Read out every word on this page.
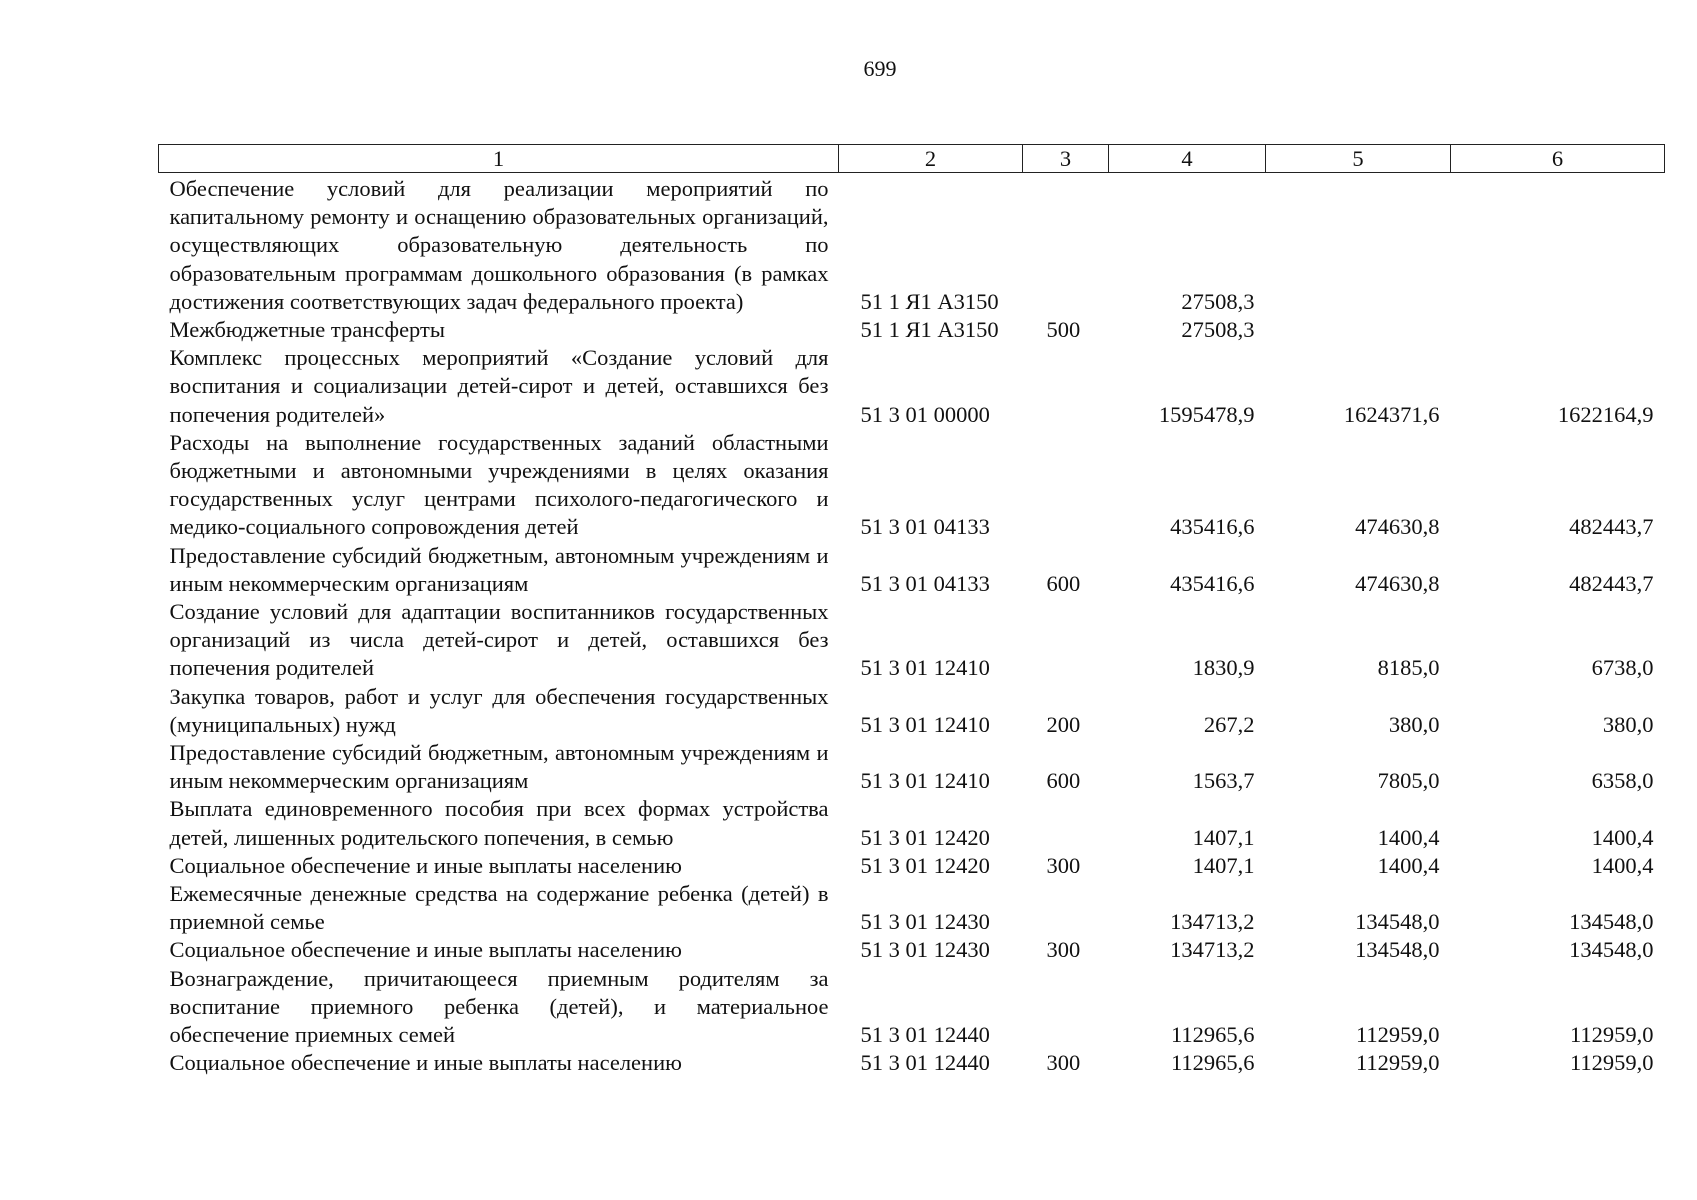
699
1	2	3	4	5	6
Обеспечение условий для реализации мероприятий по капитальному ремонту и оснащению образовательных организаций, осуществляющих образовательную деятельность по образовательным программам дошкольного образования (в рамках достижения соответствующих задач федерального проекта)	51 1 Я1 А3150		27508,3		
Межбюджетные трансферты	51 1 Я1 А3150	500	27508,3		
Комплекс процессных мероприятий «Создание условий для воспитания и социализации детей-сирот и детей, оставшихся без попечения родителей»	51 3 01 00000		1595478,9	1624371,6	1622164,9
Расходы на выполнение государственных заданий областными бюджетными и автономными учреждениями в целях оказания государственных услуг центрами психолого-педагогического и медико-социального сопровождения детей	51 3 01 04133		435416,6	474630,8	482443,7
Предоставление субсидий бюджетным, автономным учреждениям и иным некоммерческим организациям	51 3 01 04133	600	435416,6	474630,8	482443,7
Создание условий для адаптации воспитанников государственных организаций из числа детей-сирот и детей, оставшихся без попечения родителей	51 3 01 12410		1830,9	8185,0	6738,0
Закупка товаров, работ и услуг для обеспечения государственных (муниципальных) нужд	51 3 01 12410	200	267,2	380,0	380,0
Предоставление субсидий бюджетным, автономным учреждениям и иным некоммерческим организациям	51 3 01 12410	600	1563,7	7805,0	6358,0
Выплата единовременного пособия при всех формах устройства детей, лишенных родительского попечения, в семью	51 3 01 12420		1407,1	1400,4	1400,4
Социальное обеспечение и иные выплаты населению	51 3 01 12420	300	1407,1	1400,4	1400,4
Ежемесячные денежные средства на содержание ребенка (детей) в приемной семье	51 3 01 12430		134713,2	134548,0	134548,0
Социальное обеспечение и иные выплаты населению	51 3 01 12430	300	134713,2	134548,0	134548,0
Вознаграждение, причитающееся приемным родителям за воспитание приемного ребенка (детей), и материальное обеспечение приемных семей	51 3 01 12440		112965,6	112959,0	112959,0
Социальное обеспечение и иные выплаты населению	51 3 01 12440	300	112965,6	112959,0	112959,0
